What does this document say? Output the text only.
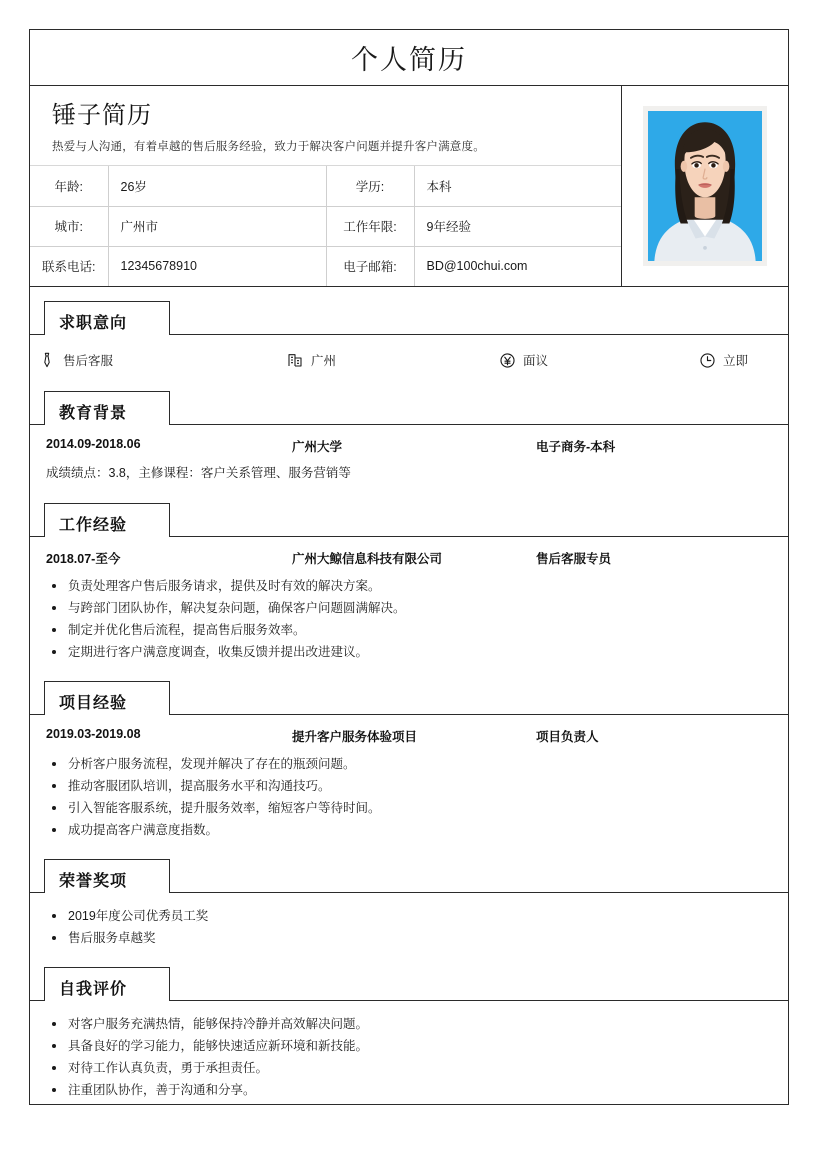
个人简历
锤子简历
热爱与人沟通，有着卓越的售后服务经验，致力于解决客户问题并提升客户满意度。
年龄:	26岁	学历:	本科
城市:	广州市	工作年限:	9年经验
联系电话:	12345678910	电子邮箱:	BD@100chui.com
求职意向
售后客服	广州	面议	立即
教育背景
2014.09-2018.06	广州大学	电子商务-本科
成绩绩点：3.8，主修课程：客户关系管理、服务营销等
工作经验
2018.07-至今	广州大鲸信息科技有限公司	售后客服专员
负责处理客户售后服务请求，提供及时有效的解决方案。
与跨部门团队协作，解决复杂问题，确保客户问题圆满解决。
制定并优化售后流程，提高售后服务效率。
定期进行客户满意度调查，收集反馈并提出改进建议。
项目经验
2019.03-2019.08	提升客户服务体验项目	项目负责人
分析客户服务流程，发现并解决了存在的瓶颈问题。
推动客服团队培训，提高服务水平和沟通技巧。
引入智能客服系统，提升服务效率，缩短客户等待时间。
成功提高客户满意度指数。
荣誉奖项
2019年度公司优秀员工奖
售后服务卓越奖
自我评价
对客户服务充满热情，能够保持冷静并高效解决问题。
具备良好的学习能力，能够快速适应新环境和新技能。
对待工作认真负责，勇于承担责任。
注重团队协作，善于沟通和分享。
